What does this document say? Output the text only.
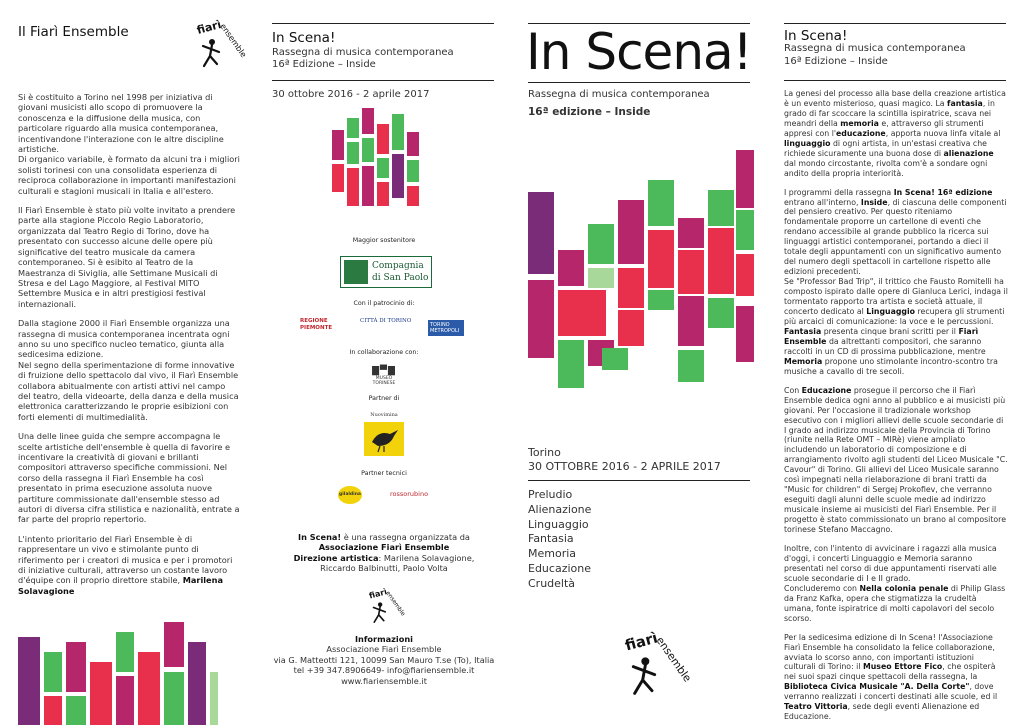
Il Fiarì Ensemble	fiarì
ensemble
Si è costituito a Torino nel 1998 per iniziativa di giovani musicisti allo scopo di promuovere la conoscenza e la diffusione della musica, con particolare riguardo alla musica contemporanea, incentivandone l'interazione con le altre discipline artistiche.
Di organico variabile, è formato da alcuni tra i migliori solisti torinesi con una consolidata esperienza di reciproca collaborazione in importanti manifestazioni culturali e stagioni musicali in Italia e all'estero.
Il Fiarì Ensemble è stato più volte invitato a prendere parte alla stagione Piccolo Regio Laboratorio, organizzata dal Teatro Regio di Torino, dove ha presentato con successo alcune delle opere più significative del teatro musicale da camera contemporaneo. Si è esibito al Teatro de la Maestranza di Siviglia, alle Settimane Musicali di Stresa e del Lago Maggiore, al Festival MITO Settembre Musica e in altri prestigiosi festival internazionali.
Dalla stagione 2000 il Fiarì Ensemble organizza una rassegna di musica contemporanea incentrata ogni anno su uno specifico nucleo tematico, giunta alla sedicesima edizione.
Nel segno della sperimentazione di forme innovative di fruizione dello spettacolo dal vivo, il Fiarì Ensemble collabora abitualmente con artisti attivi nel campo del teatro, della videoarte, della danza e della musica elettronica caratterizzando le proprie esibizioni con forti elementi di multimedialità.
Una delle linee guida che sempre accompagna le scelte artistiche dell'ensemble è quella di favorire e incentivare la creatività di giovani e brillanti compositori attraverso specifiche commissioni. Nel corso della rassegna il Fiarì Ensemble ha così presentato in prima esecuzione assoluta nuove partiture commissionate dall'ensemble stesso ad autori di diversa cifra stilistica e nazionalità, entrate a far parte del proprio repertorio.
L'intento prioritario del Fiarì Ensemble è di rappresentare un vivo e stimolante punto di riferimento per i creatori di musica e per i promotori di iniziative culturali, attraverso un costante lavoro d'équipe con il proprio direttore stabile, Marilena Solavagione
In Scena!
Rassegna di musica contemporanea
16ª Edizione – Inside
30 ottobre 2016 - 2 aprile 2017
Maggior sostenitore
Compagnia
di San Paolo
Con il patrocinio di:
REGIONE PIEMONTE
CITTÀ DI TORINO
TORINO METROPOLI
In collaborazione con:
▇▀▇
MUSEO TORINESE
Partner di
Nuovimina
Partner tecnici
gilaldina	rossorubino
In Scena! è una rassegna organizzata da
Associazione Fiarì Ensemble
Direzione artistica: Marilena Solavagione,
Riccardo Balbinutti, Paolo Volta
fiarì
ensemble
Informazioni
Associazione Fiarì Ensemble
via G. Matteotti 121, 10099 San Mauro T.se (To), Italia
tel +39 347.8906649- info@fiariensemble.it
www.fiariensemble.it
In Scena!
Rassegna di musica contemporanea
16ª edizione – Inside
Torino
30 OTTOBRE 2016 - 2 APRILE 2017
Preludio
Alienazione
Linguaggio
Fantasia
Memoria
Educazione
Crudeltà
fiarì
ensemble
In Scena!
Rassegna di musica contemporanea
16ª Edizione – Inside
La genesi del processo alla base della creazione artistica è un evento misterioso, quasi magico. La fantasia, in grado di far scoccare la scintilla ispiratrice, scava nei meandri della memoria e, attraverso gli strumenti appresi con l'educazione, apporta nuova linfa vitale al linguaggio di ogni artista, in un'estasi creativa che richiede sicuramente una buona dose di alienazione dal mondo circostante, rivolta com'è a sondare ogni andito della propria interiorità.
I programmi della rassegna In Scena! 16ª edizione entrano all'interno, Inside, di ciascuna delle componenti del pensiero creativo. Per questo riteniamo fondamentale proporre un cartellone di eventi che rendano accessibile al grande pubblico la ricerca sui linguaggi artistici contemporanei, portando a dieci il totale degli appuntamenti con un significativo aumento del numero degli spettacoli in cartellone rispetto alle edizioni precedenti.
Se "Professor Bad Trip", il trittico che Fausto Romitelli ha composto ispirato dalle opere di Gianluca Lerici, indaga il tormentato rapporto tra artista e società attuale, il concerto dedicato al Linguaggio recupera gli strumenti più arcaici di comunicazione: la voce e le percussioni.
Fantasia presenta cinque brani scritti per il Fiarì Ensemble da altrettanti compositori, che saranno raccolti in un CD di prossima pubblicazione, mentre Memoria propone uno stimolante incontro-scontro tra musiche a cavallo di tre secoli.
Con Educazione prosegue il percorso che il Fiarì Ensemble dedica ogni anno al pubblico e ai musicisti più giovani. Per l'occasione il tradizionale workshop esecutivo con i migliori allievi delle scuole secondarie di I grado ad indirizzo musicale della Provincia di Torino (riunite nella Rete OMT – MIRè) viene ampliato includendo un laboratorio di composizione e di arrangiamento rivolto agli studenti del Liceo Musicale "C. Cavour" di Torino. Gli allievi del Liceo Musicale saranno così impegnati nella rielaborazione di brani tratti da "Music for children" di Sergej Prokofiev, che verranno eseguiti dagli alunni delle scuole medie ad indirizzo musicale insieme ai musicisti del Fiarì Ensemble. Per il progetto è stato commissionato un brano al compositore torinese Stefano Maccagno.
Inoltre, con l'intento di avvicinare i ragazzi alla musica d'oggi, i concerti Linguaggio e Memoria saranno presentati nel corso di due appuntamenti riservati alle scuole secondarie di I e II grado.
Concluderemo con Nella colonia penale di Philip Glass da Franz Kafka, opera che stigmatizza la crudeltà umana, fonte ispiratrice di molti capolavori del secolo scorso.
Per la sedicesima edizione di In Scena! l'Associazione Fiarì Ensemble ha consolidato la felice collaborazione, avviata lo scorso anno, con importanti istituzioni culturali di Torino: il Museo Ettore Fico, che ospiterà nei suoi spazi cinque spettacoli della rassegna, la Biblioteca Civica Musicale "A. Della Corte", dove verranno realizzati i concerti destinati alle scuole, ed il Teatro Vittoria, sede degli eventi Alienazione ed Educazione.
